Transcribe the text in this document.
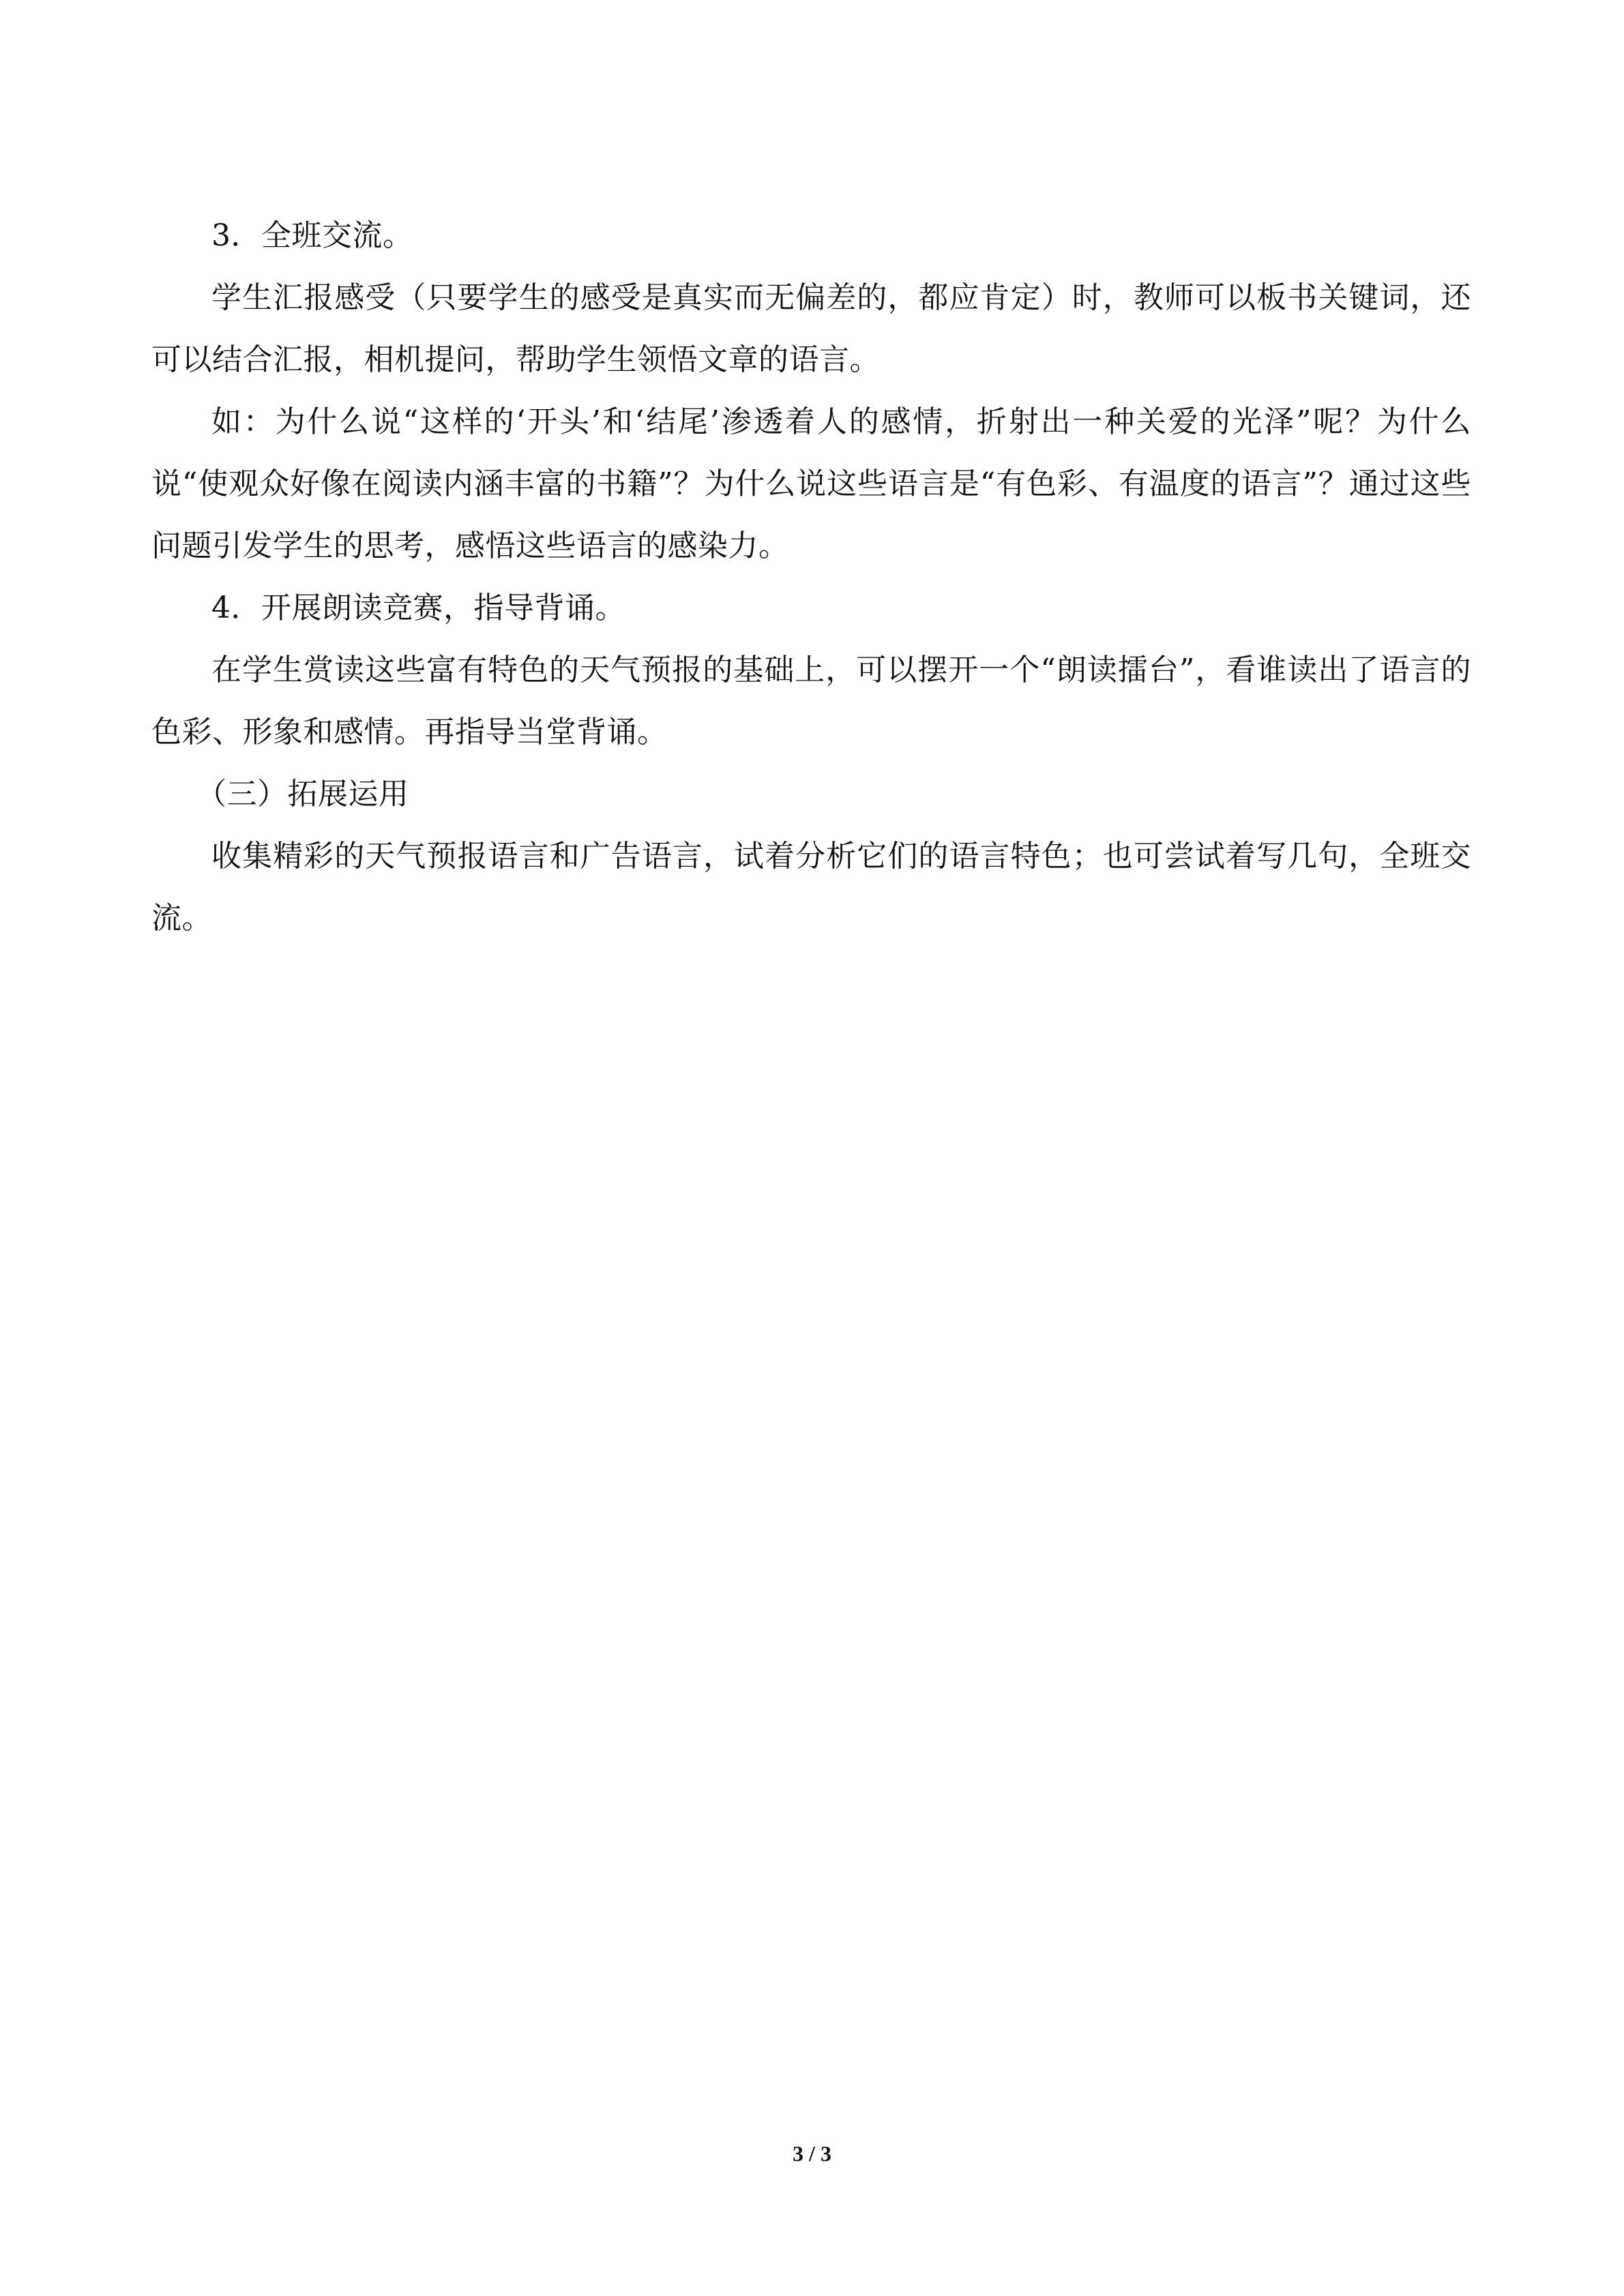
3．全班交流。

学生汇报感受（只要学生的感受是真实而无偏差的，都应肯定）时，教师可以板书关键词，还可以结合汇报，相机提问，帮助学生领悟文章的语言。

如：为什么说“这样的‘开头’和‘结尾’渗透着人的感情，折射出一种关爱的光泽”呢？为什么说“使观众好像在阅读内涵丰富的书籍”？为什么说这些语言是“有色彩、有温度的语言”？通过这些问题引发学生的思考，感悟这些语言的感染力。

4．开展朗读竞赛，指导背诵。

在学生赏读这些富有特色的天气预报的基础上，可以摆开一个“朗读擂台”，看谁读出了语言的色彩、形象和感情。再指导当堂背诵。

（三）拓展运用

收集精彩的天气预报语言和广告语言，试着分析它们的语言特色；也可尝试着写几句，全班交流。

3 / 3
